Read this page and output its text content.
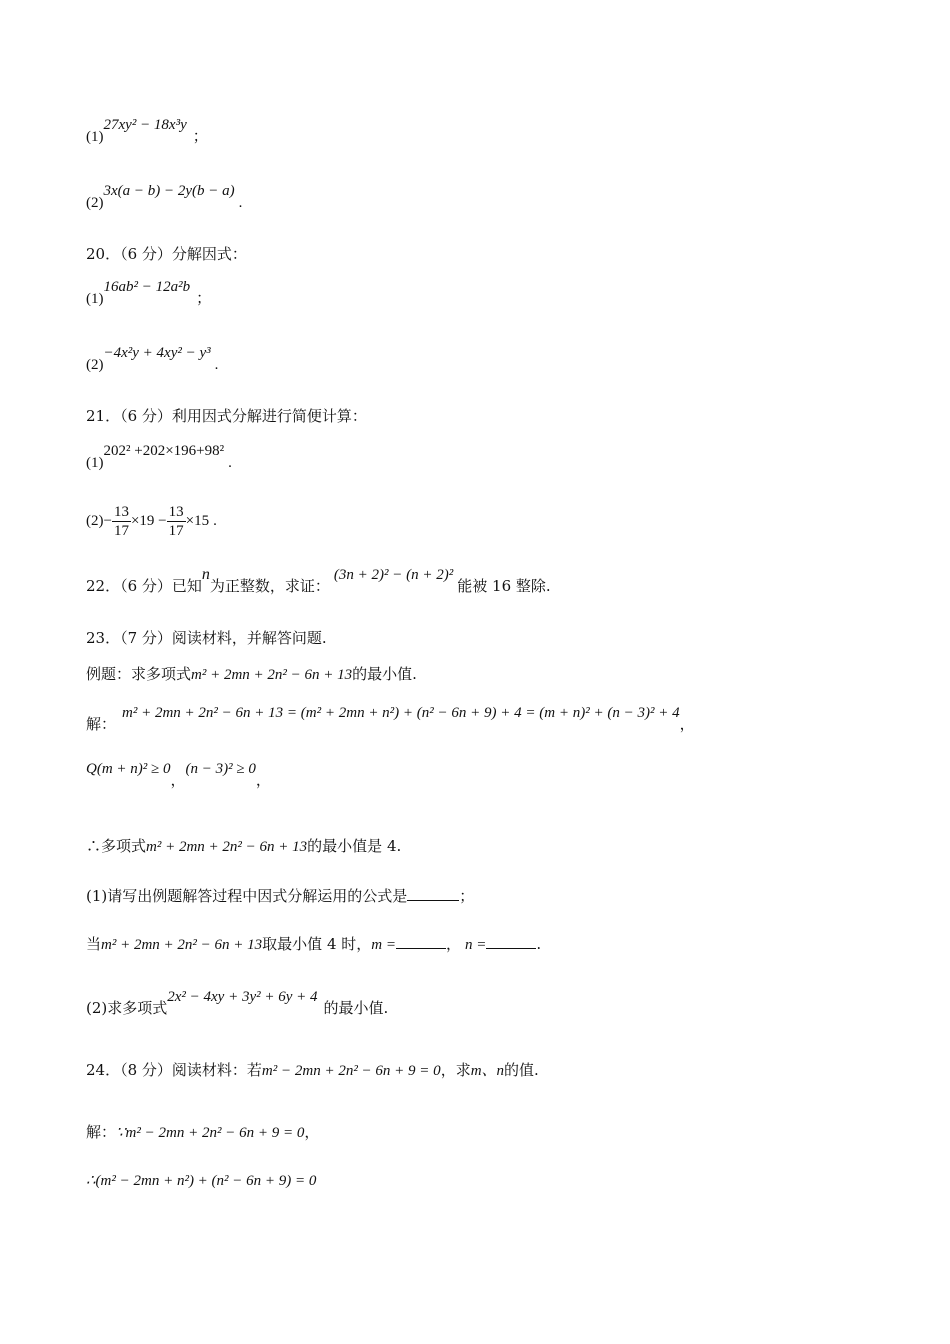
(1)27xy² − 18x³y；
(2)3x(a − b) − 2y(b − a).
20．（6 分）分解因式：
(1)16ab² − 12a²b；
(2)−4x²y + 4xy² − y³.
21．（6 分）利用因式分解进行简便计算：
(1)202² +202×196+98².
$(2)- \frac{13}{17} \times 19 - \frac{13}{17} \times 15$ .
22．（6 分）已知n为正整数，求证：(3n + 2)² − (n + 2)²能被 16 整除.
23．（7 分）阅读材料，并解答问题.
例题：求多项式m² + 2mn + 2n² − 6n + 13的最小值.
解：m² + 2mn + 2n² − 6n + 13 = (m² + 2mn + n²) + (n² − 6n + 9) + 4 = (m + n)² + (n − 3)² + 4，
Q(m + n)² ≥ 0，(n − 3)² ≥ 0，
∴多项式m² + 2mn + 2n² − 6n + 13的最小值是 4.
(1)请写出例题解答过程中因式分解运用的公式是	；
当m² + 2mn + 2n² − 6n + 13取最小值 4 时，m =	， n =	.
(2)求多项式2x² − 4xy + 3y² + 6y + 4的最小值.
24．（8 分）阅读材料：若m² − 2mn + 2n² − 6n + 9 = 0，求m、n的值.
解：∵m² − 2mn + 2n² − 6n + 9 = 0，
∴(m² − 2mn + n²) + (n² − 6n + 9) = 0
